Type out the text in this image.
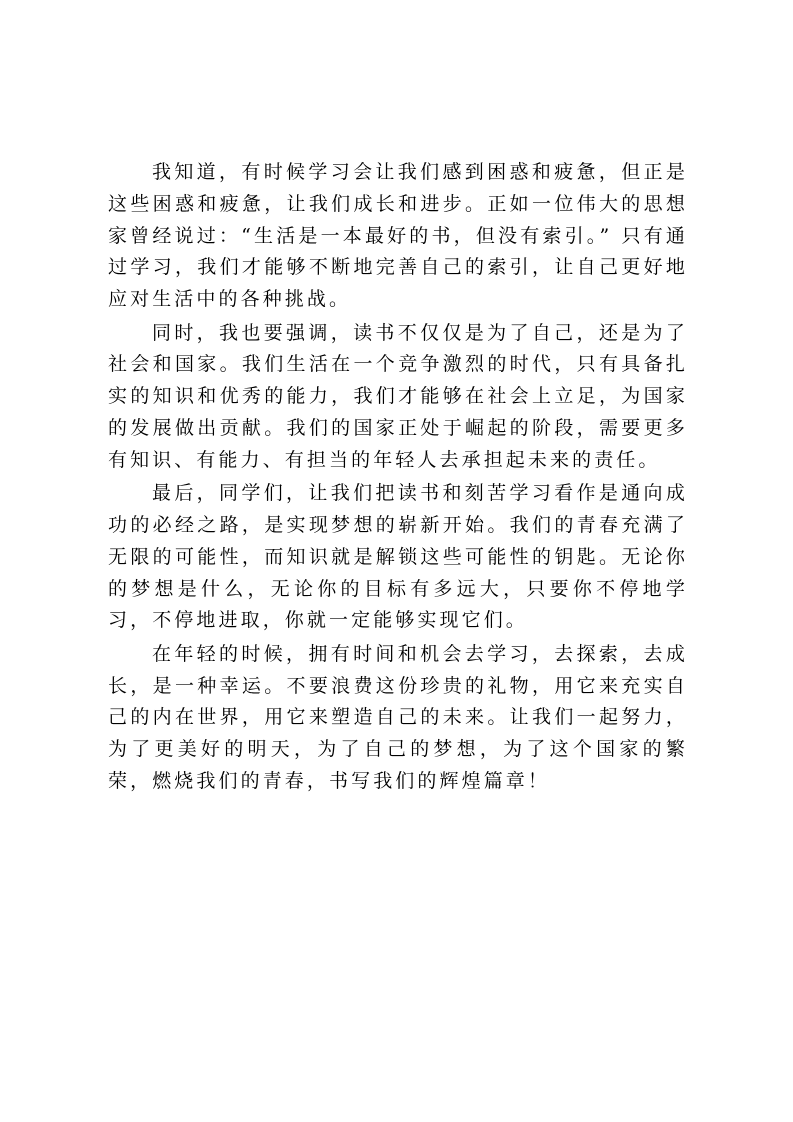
我知道，有时候学习会让我们感到困惑和疲惫，但正是这些困惑和疲惫，让我们成长和进步。正如一位伟大的思想家曾经说过：“生活是一本最好的书，但没有索引。” 只有通过学习，我们才能够不断地完善自己的索引，让自己更好地应对生活中的各种挑战。

同时，我也要强调，读书不仅仅是为了自己，还是为了社会和国家。我们生活在一个竞争激烈的时代，只有具备扎实的知识和优秀的能力，我们才能够在社会上立足，为国家的发展做出贡献。我们的国家正处于崛起的阶段，需要更多有知识、有能力、有担当的年轻人去承担起未来的责任。

最后，同学们，让我们把读书和刻苦学习看作是通向成功的必经之路，是实现梦想的崭新开始。我们的青春充满了无限的可能性，而知识就是解锁这些可能性的钥匙。无论你的梦想是什么，无论你的目标有多远大，只要你不停地学习，不停地进取，你就一定能够实现它们。

在年轻的时候，拥有时间和机会去学习，去探索，去成长，是一种幸运。不要浪费这份珍贵的礼物，用它来充实自己的内在世界，用它来塑造自己的未来。让我们一起努力，为了更美好的明天，为了自己的梦想，为了这个国家的繁荣，燃烧我们的青春，书写我们的辉煌篇章！
